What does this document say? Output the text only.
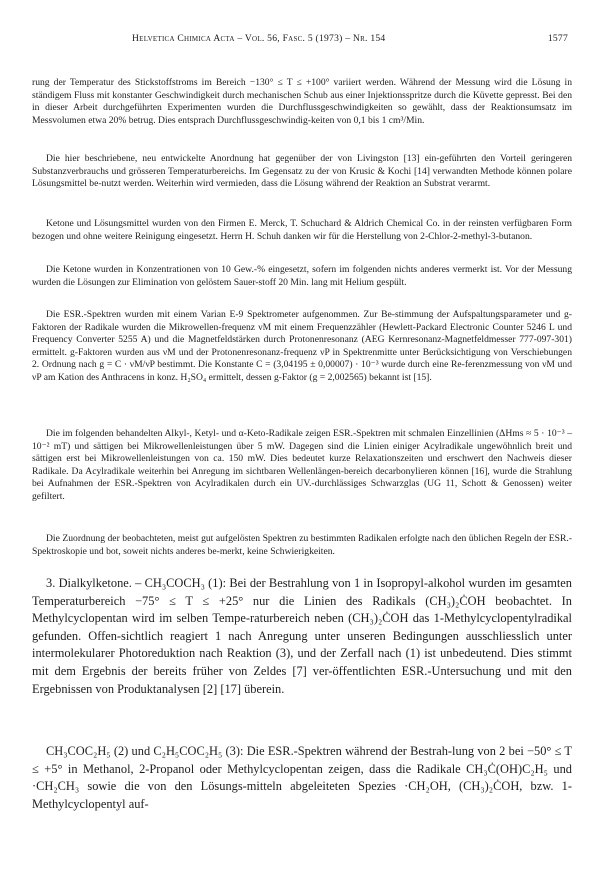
Helvetica Chimica Acta – Vol. 56, Fasc. 5 (1973) – Nr. 154	1577

rung der Temperatur des Stickstoffstroms im Bereich −130° ≤ T ≤ +100° variiert werden. Während der Messung wird die Lösung in ständigem Fluss mit konstanter Geschwindigkeit durch mechanischen Schub aus einer Injektionsspritze durch die Küvette gepresst. Bei den in dieser Arbeit durchgeführten Experimenten wurden die Durchflussgeschwindigkeiten so gewählt, dass der Reaktionsumsatz im Messvolumen etwa 20% betrug. Dies entsprach Durchflussgeschwindig-keiten von 0,1 bis 1 cm³/Min.

Die hier beschriebene, neu entwickelte Anordnung hat gegenüber der von Livingston [13] ein-geführten den Vorteil geringeren Substanzverbrauchs und grösseren Temperaturbereichs. Im Gegensatz zu der von Krusic & Kochi [14] verwandten Methode können polare Lösungsmittel be-nutzt werden. Weiterhin wird vermieden, dass die Lösung während der Reaktion an Substrat verarmt.

Ketone und Lösungsmittel wurden von den Firmen E. Merck, T. Schuchard & Aldrich Chemical Co. in der reinsten verfügbaren Form bezogen und ohne weitere Reinigung eingesetzt. Herrn H. Schuh danken wir für die Herstellung von 2-Chlor-2-methyl-3-butanon.

Die Ketone wurden in Konzentrationen von 10 Gew.-% eingesetzt, sofern im folgenden nichts anderes vermerkt ist. Vor der Messung wurden die Lösungen zur Elimination von gelöstem Sauer-stoff 20 Min. lang mit Helium gespült.

Die ESR.-Spektren wurden mit einem Varian E-9 Spektrometer aufgenommen. Zur Be-stimmung der Aufspaltungsparameter und g-Faktoren der Radikale wurden die Mikrowellen-frequenz νM mit einem Frequenzzähler (Hewlett-Packard Electronic Counter 5246 L und Frequency Converter 5255 A) und die Magnetfeldstärken durch Protonenresonanz (AEG Kernresonanz-Magnetfeldmesser 777-097-301) ermittelt. g-Faktoren wurden aus νM und der Protonenresonanz-frequenz νP in Spektrenmitte unter Berücksichtigung von Verschiebungen 2. Ordnung nach g = C · νM/νP bestimmt. Die Konstante C = (3,04195 ± 0,00007) · 10⁻³ wurde durch eine Re-ferenzmessung von νM und νP am Kation des Anthracens in konz. H₂SO₄ ermittelt, dessen g-Faktor (g = 2,002565) bekannt ist [15].

Die im folgenden behandelten Alkyl-, Ketyl- und α-Keto-Radikale zeigen ESR.-Spektren mit schmalen Einzellinien (ΔHms ≈ 5 · 10⁻³ – 10⁻² mT) und sättigen bei Mikrowellenleistungen über 5 mW. Dagegen sind die Linien einiger Acylradikale ungewöhnlich breit und sättigen erst bei Mikrowellenleistungen von ca. 150 mW. Dies bedeutet kurze Relaxationszeiten und erschwert den Nachweis dieser Radikale. Da Acylradikale weiterhin bei Anregung im sichtbaren Wellenlängen-bereich decarbonylieren können [16], wurde die Strahlung bei Aufnahmen der ESR.-Spektren von Acylradikalen durch ein UV.-durchlässiges Schwarzglas (UG 11, Schott & Genossen) weiter gefiltert.

Die Zuordnung der beobachteten, meist gut aufgelösten Spektren zu bestimmten Radikalen erfolgte nach den üblichen Regeln der ESR.-Spektroskopie und bot, soweit nichts anderes be-merkt, keine Schwierigkeiten.

3. Dialkylketone. – CH₃COCH₃ (1): Bei der Bestrahlung von 1 in Isopropyl-alkohol wurden im gesamten Temperaturbereich −75° ≤ T ≤ +25° nur die Linien des Radikals (CH₃)₂ĊOH beobachtet. In Methylcyclopentan wird im selben Tempe-raturbereich neben (CH₃)₂ĊOH das 1-Methylcyclopentylradikal gefunden. Offen-sichtlich reagiert 1 nach Anregung unter unseren Bedingungen ausschliesslich unter intermolekularer Photoreduktion nach Reaktion (3), und der Zerfall nach (1) ist unbedeutend. Dies stimmt mit dem Ergebnis der bereits früher von Zeldes [7] ver-öffentlichten ESR.-Untersuchung und mit den Ergebnissen von Produktanalysen [2] [17] überein.

CH₃COC₂H₅ (2) und C₂H₅COC₂H₅ (3): Die ESR.-Spektren während der Bestrah-lung von 2 bei −50° ≤ T ≤ +5° in Methanol, 2-Propanol oder Methylcyclopentan zeigen, dass die Radikale CH₃Ċ(OH)C₂H₅ und ·CH₂CH₃ sowie die von den Lösungs-mitteln abgeleiteten Spezies ·CH₂OH, (CH₃)₂ĊOH, bzw. 1-Methylcyclopentyl auf-
